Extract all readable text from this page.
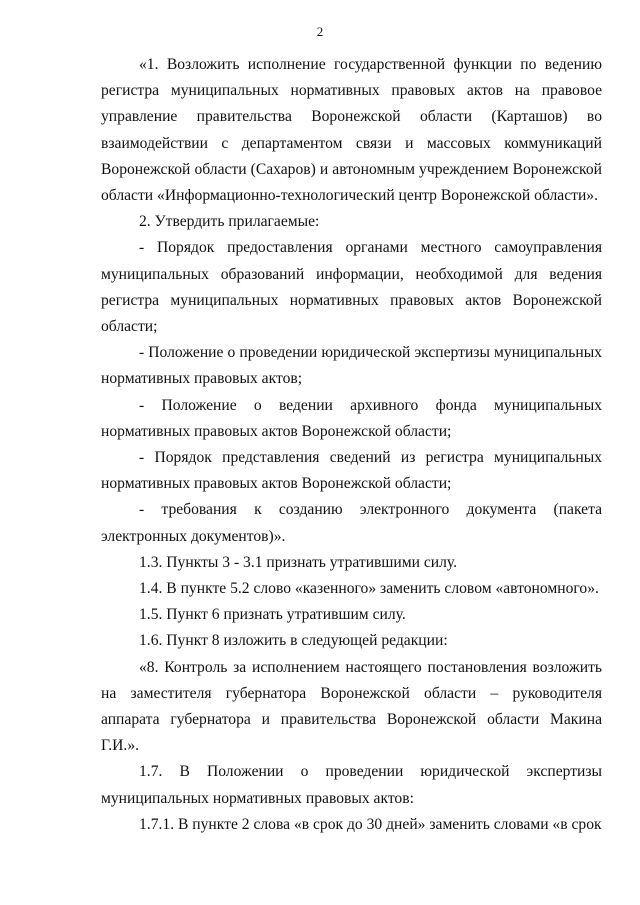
2

«1. Возложить исполнение государственной функции по ведению регистра муниципальных нормативных правовых актов на правовое управление правительства Воронежской области (Карташов) во взаимодействии с департаментом связи и массовых коммуникаций Воронежской области (Сахаров) и автономным учреждением Воронежской области «Информационно-технологический центр Воронежской области».

2. Утвердить прилагаемые:

- Порядок предоставления органами местного самоуправления муниципальных образований информации, необходимой для ведения регистра муниципальных нормативных правовых актов Воронежской области;

- Положение о проведении юридической экспертизы муниципальных нормативных правовых актов;

- Положение о ведении архивного фонда муниципальных нормативных правовых актов Воронежской области;

- Порядок представления сведений из регистра муниципальных нормативных правовых актов Воронежской области;

- требования к созданию электронного документа (пакета электронных документов)».

1.3. Пункты 3 - 3.1 признать утратившими силу.

1.4. В пункте 5.2 слово «казенного» заменить словом «автономного».

1.5. Пункт 6 признать утратившим силу.

1.6. Пункт 8 изложить в следующей редакции:

«8. Контроль за исполнением настоящего постановления возложить на заместителя губернатора Воронежской области – руководителя аппарата губернатора и правительства Воронежской области Макина Г.И.».

1.7. В Положении о проведении юридической экспертизы муниципальных нормативных правовых актов:

1.7.1. В пункте 2 слова «в срок до 30 дней» заменить словами «в срок
